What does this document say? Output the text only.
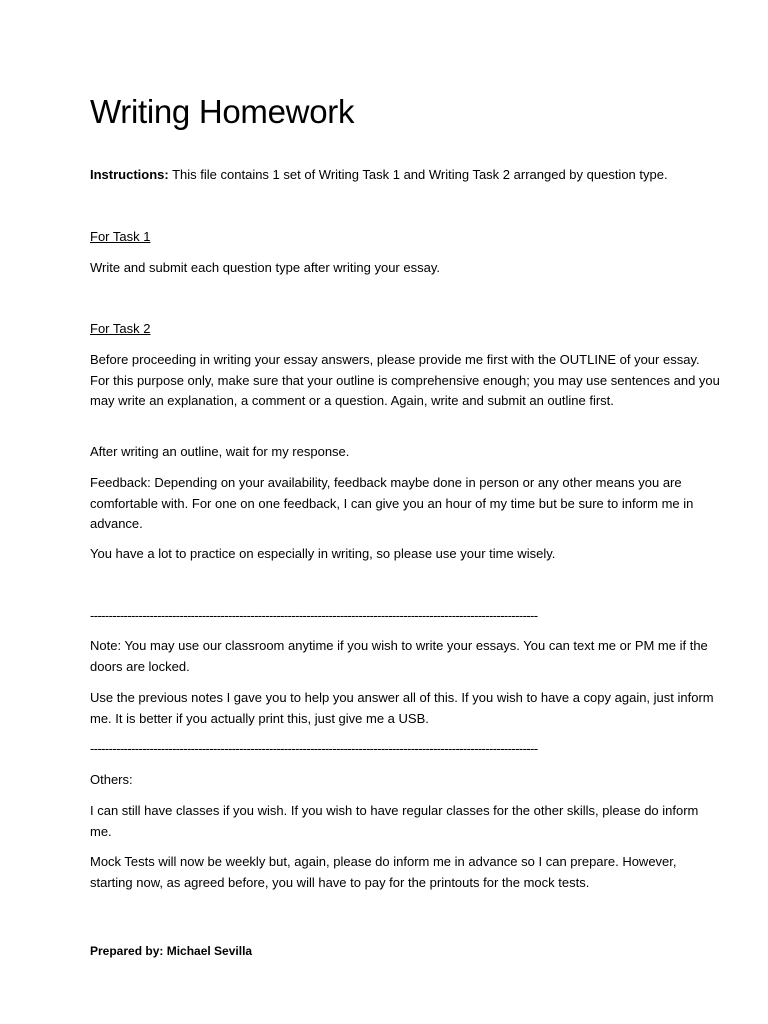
Writing Homework

Instructions: This file contains 1 set of Writing Task 1 and Writing Task 2 arranged by question type.

For Task 1

Write and submit each question type after writing your essay.

For Task 2

Before proceeding in writing your essay answers, please provide me first with the OUTLINE of your essay. For this purpose only, make sure that your outline is comprehensive enough; you may use sentences and you may write an explanation, a comment or a question. Again, write and submit an outline first.

After writing an outline, wait for my response.

Feedback: Depending on your availability, feedback maybe done in person or any other means you are comfortable with. For one on one feedback, I can give you an hour of my time but be sure to inform me in advance.

You have a lot to practice on especially in writing, so please use your time wisely.

------------------------------------------------------------------------------------------------------------------------

Note: You may use our classroom anytime if you wish to write your essays. You can text me or PM me if the doors are locked.

Use the previous notes I gave you to help you answer all of this. If you wish to have a copy again, just inform me. It is better if you actually print this, just give me a USB.

------------------------------------------------------------------------------------------------------------------------

Others:

I can still have classes if you wish. If you wish to have regular classes for the other skills, please do inform me.

Mock Tests will now be weekly but, again, please do inform me in advance so I can prepare. However, starting now, as agreed before, you will have to pay for the printouts for the mock tests.

Prepared by: Michael Sevilla
